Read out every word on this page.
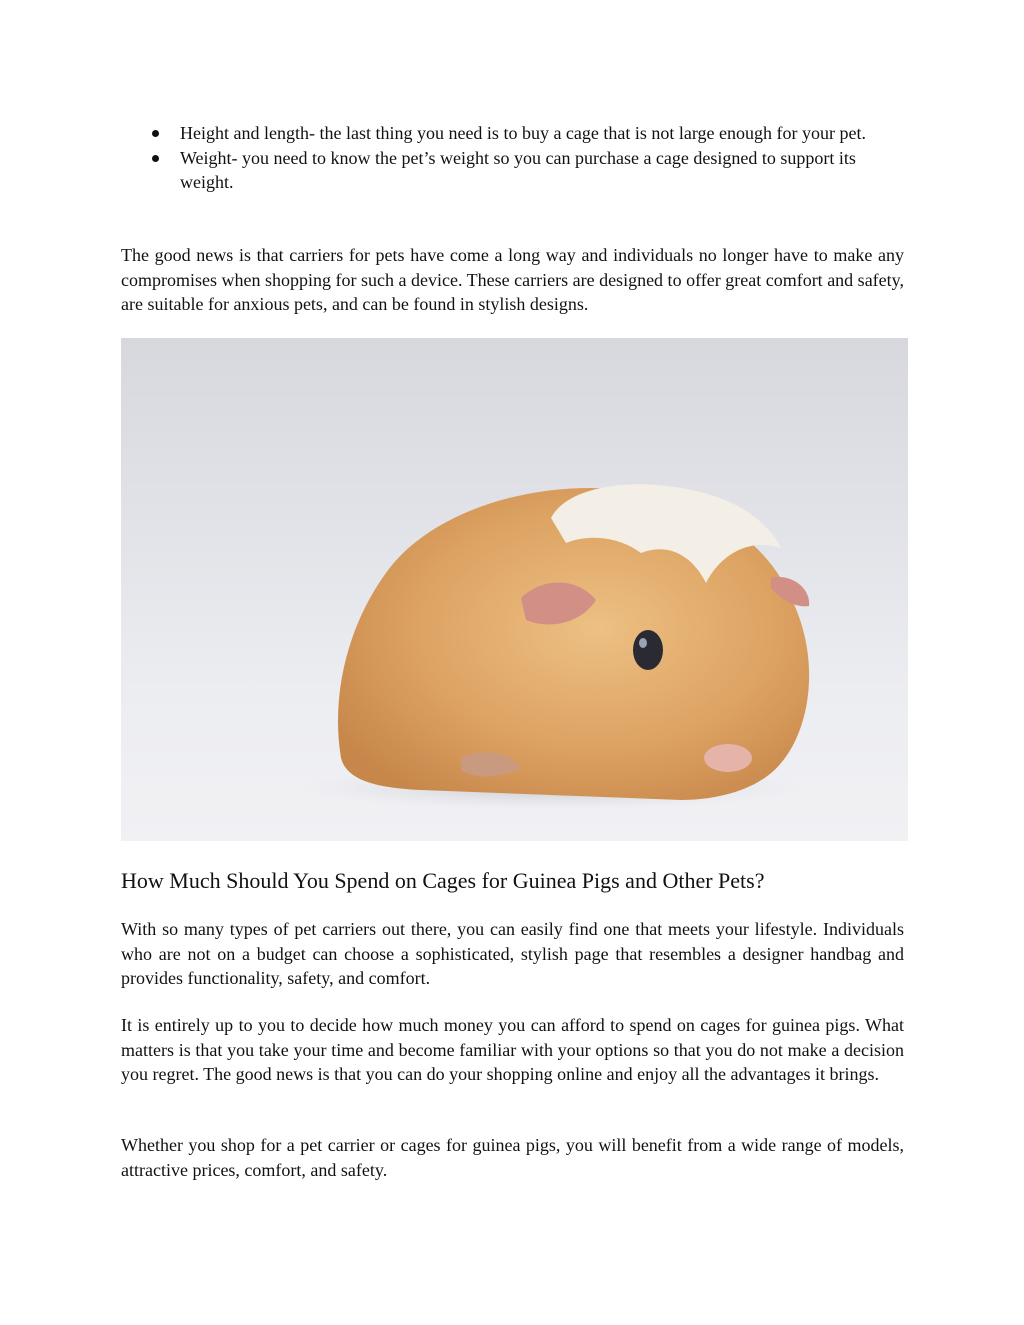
Height and length- the last thing you need is to buy a cage that is not large enough for your pet.
Weight- you need to know the pet’s weight so you can purchase a cage designed to support its weight.

The good news is that carriers for pets have come a long way and individuals no longer have to make any compromises when shopping for such a device. These carriers are designed to offer great comfort and safety, are suitable for anxious pets, and can be found in stylish designs.

How Much Should You Spend on Cages for Guinea Pigs and Other Pets?

With so many types of pet carriers out there, you can easily find one that meets your lifestyle. Individuals who are not on a budget can choose a sophisticated, stylish page that resembles a designer handbag and provides functionality, safety, and comfort.

It is entirely up to you to decide how much money you can afford to spend on cages for guinea pigs. What matters is that you take your time and become familiar with your options so that you do not make a decision you regret. The good news is that you can do your shopping online and enjoy all the advantages it brings.

Whether you shop for a pet carrier or cages for guinea pigs, you will benefit from a wide range of models, attractive prices, comfort, and safety.
